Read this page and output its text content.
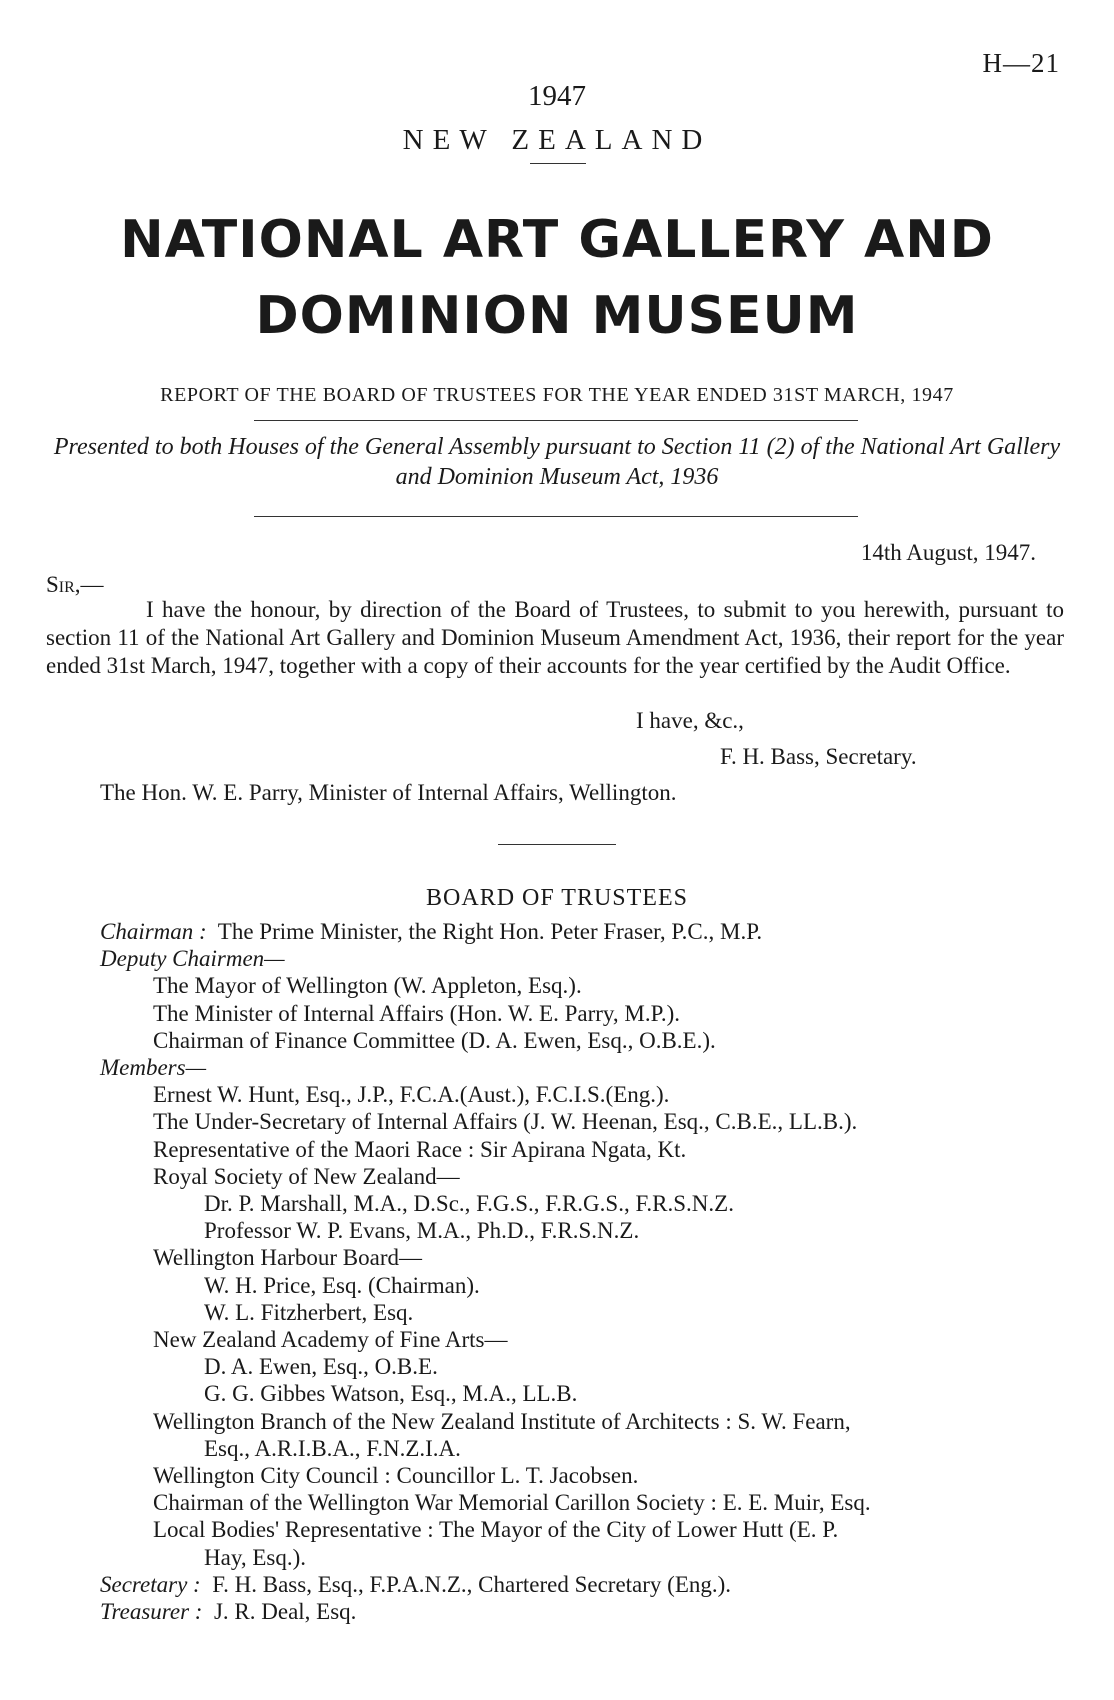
H—21
1947
NEW ZEALAND
NATIONAL ART GALLERY AND
DOMINION MUSEUM
REPORT OF THE BOARD OF TRUSTEES FOR THE YEAR ENDED 31ST MARCH, 1947
Presented to both Houses of the General Assembly pursuant to Section 11 (2) of the National Art Gallery and Dominion Museum Act, 1936
14th August, 1947.
Sir,—
I have the honour, by direction of the Board of Trustees, to submit to you herewith, pursuant to section 11 of the National Art Gallery and Dominion Museum Amendment Act, 1936, their report for the year ended 31st March, 1947, together with a copy of their accounts for the year certified by the Audit Office.
I have, &c.,
F. H. Bass, Secretary.
The Hon. W. E. Parry, Minister of Internal Affairs, Wellington.
BOARD OF TRUSTEES
Chairman : The Prime Minister, the Right Hon. Peter Fraser, P.C., M.P.
Deputy Chairmen—
The Mayor of Wellington (W. Appleton, Esq.).
The Minister of Internal Affairs (Hon. W. E. Parry, M.P.).
Chairman of Finance Committee (D. A. Ewen, Esq., O.B.E.).
Members—
Ernest W. Hunt, Esq., J.P., F.C.A.(Aust.), F.C.I.S.(Eng.).
The Under-Secretary of Internal Affairs (J. W. Heenan, Esq., C.B.E., LL.B.).
Representative of the Maori Race : Sir Apirana Ngata, Kt.
Royal Society of New Zealand—
Dr. P. Marshall, M.A., D.Sc., F.G.S., F.R.G.S., F.R.S.N.Z.
Professor W. P. Evans, M.A., Ph.D., F.R.S.N.Z.
Wellington Harbour Board—
W. H. Price, Esq. (Chairman).
W. L. Fitzherbert, Esq.
New Zealand Academy of Fine Arts—
D. A. Ewen, Esq., O.B.E.
G. G. Gibbes Watson, Esq., M.A., LL.B.
Wellington Branch of the New Zealand Institute of Architects : S. W. Fearn,
Esq., A.R.I.B.A., F.N.Z.I.A.
Wellington City Council : Councillor L. T. Jacobsen.
Chairman of the Wellington War Memorial Carillon Society : E. E. Muir, Esq.
Local Bodies' Representative : The Mayor of the City of Lower Hutt (E. P.
Hay, Esq.).
Secretary : F. H. Bass, Esq., F.P.A.N.Z., Chartered Secretary (Eng.).
Treasurer : J. R. Deal, Esq.
